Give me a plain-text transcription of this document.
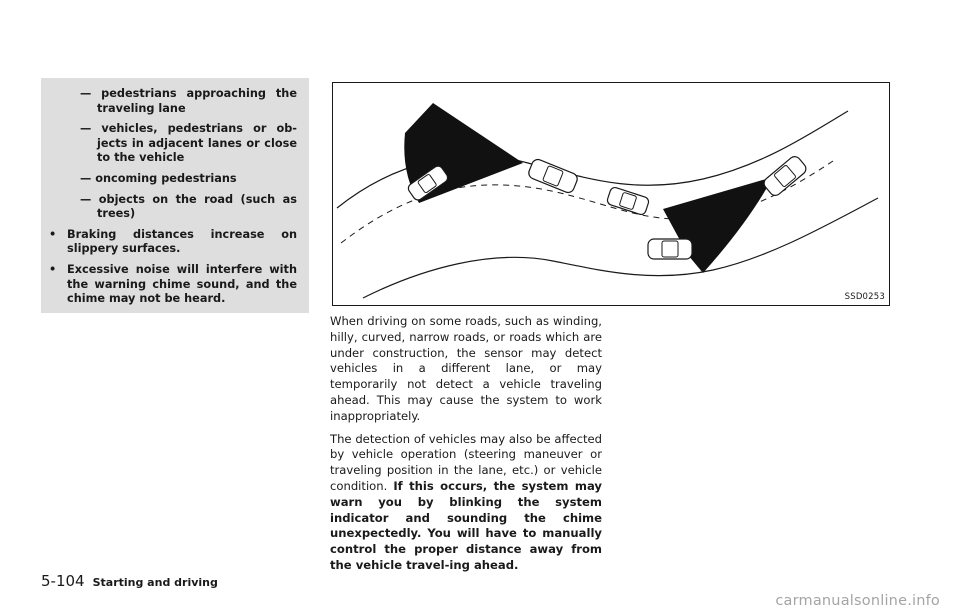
— pedestrians approaching the traveling lane
— vehicles, pedestrians or ob-jects in adjacent lanes or close to the vehicle
— oncoming pedestrians
— objects on the road (such as trees)
• Braking distances increase on slippery surfaces.
• Excessive noise will interfere with the warning chime sound, and the chime may not be heard.	SSD0253

When driving on some roads, such as winding, hilly, curved, narrow roads, or roads which are under construction, the sensor may detect vehicles in a different lane, or may temporarily not detect a vehicle traveling ahead. This may cause the system to work inappropriately.

The detection of vehicles may also be affected by vehicle operation (steering maneuver or traveling position in the lane, etc.) or vehicle condition. If this occurs, the system may warn you by blinking the system indicator and sounding the chime unexpectedly. You will have to manually control the proper distance away from the vehicle travel-ing ahead.

5-104 Starting and driving
carmanualsonline.info
